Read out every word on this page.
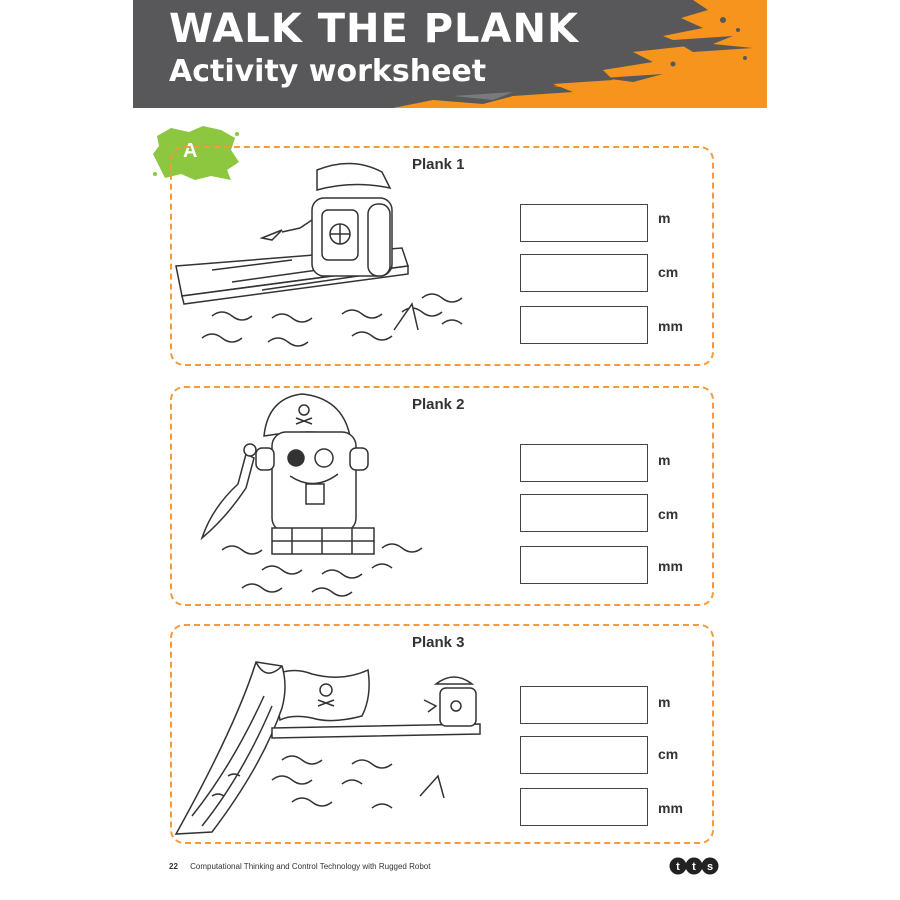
WALK THE PLANK
Activity worksheet
A
Plank 1
m
cm
mm
Plank 2
m
cm
mm
Plank 3
m
cm
mm
22 Computational Thinking and Control Technology with Rugged Robot	t t s
